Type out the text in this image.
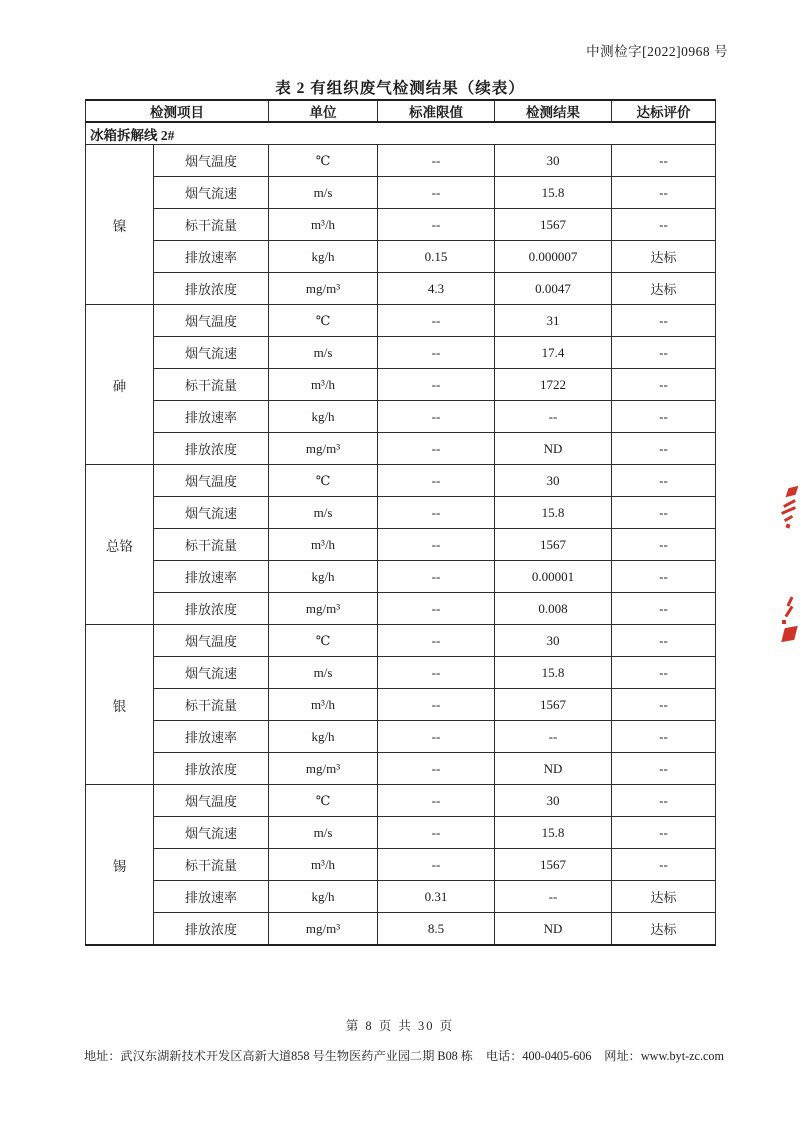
中测检字[2022]0968 号
表 2 有组织废气检测结果（续表）
检测项目		单位	标准限值	检测结果	达标评价
冰箱拆解线 2#					
镍	烟气温度	℃	--	30	--
	烟气流速	m/s	--	15.8	--
	标干流量	m³/h	--	1567	--
	排放速率	kg/h	0.15	0.000007	达标
	排放浓度	mg/m³	4.3	0.0047	达标
砷	烟气温度	℃	--	31	--
	烟气流速	m/s	--	17.4	--
	标干流量	m³/h	--	1722	--
	排放速率	kg/h	--	--	--
	排放浓度	mg/m³	--	ND	--
总铬	烟气温度	℃	--	30	--
	烟气流速	m/s	--	15.8	--
	标干流量	m³/h	--	1567	--
	排放速率	kg/h	--	0.00001	--
	排放浓度	mg/m³	--	0.008	--
银	烟气温度	℃	--	30	--
	烟气流速	m/s	--	15.8	--
	标干流量	m³/h	--	1567	--
	排放速率	kg/h	--	--	--
	排放浓度	mg/m³	--	ND	--
锡	烟气温度	℃	--	30	--
	烟气流速	m/s	--	15.8	--
	标干流量	m³/h	--	1567	--
	排放速率	kg/h	0.31	--	达标
	排放浓度	mg/m³	8.5	ND	达标
第 8 页 共 30 页
地址：武汉东湖新技术开发区高新大道858 号生物医药产业园二期 B08 栋 电话：400-0405-606 网址：www.byt-zc.com
